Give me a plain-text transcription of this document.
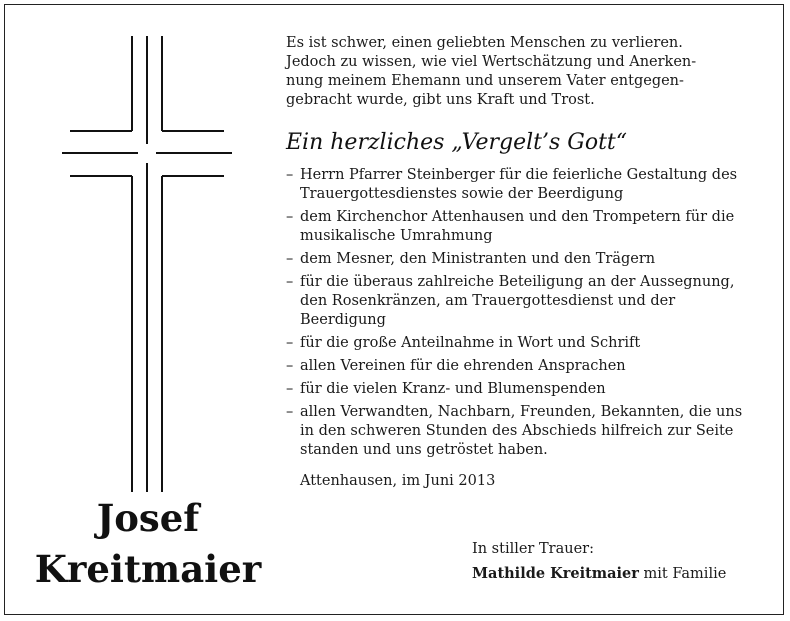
Josef
Kreitmaier
Es ist schwer, einen geliebten Menschen zu verlieren.
Jedoch zu wissen, wie viel Wertschätzung und Anerken-
nung meinem Ehemann und unserem Vater entgegen-
gebracht wurde, gibt uns Kraft und Trost.
Ein herzliches „Vergelt’s Gott“
– Herrn Pfarrer Steinberger für die feierliche Gestaltung des Trauergottesdienstes sowie der Beerdigung
– dem Kirchenchor Attenhausen und den Trompetern für die musikalische Umrahmung
– dem Mesner, den Ministranten und den Trägern
– für die überaus zahlreiche Beteiligung an der Aussegnung, den Rosenkränzen, am Trauergottesdienst und der Beerdigung
– für die große Anteilnahme in Wort und Schrift
– allen Vereinen für die ehrenden Ansprachen
– für die vielen Kranz- und Blumenspenden
– allen Verwandten, Nachbarn, Freunden, Bekannten, die uns in den schweren Stunden des Abschieds hilfreich zur Seite standen und uns getröstet haben.
Attenhausen, im Juni 2013
In stiller Trauer:
Mathilde Kreitmaier mit Familie
